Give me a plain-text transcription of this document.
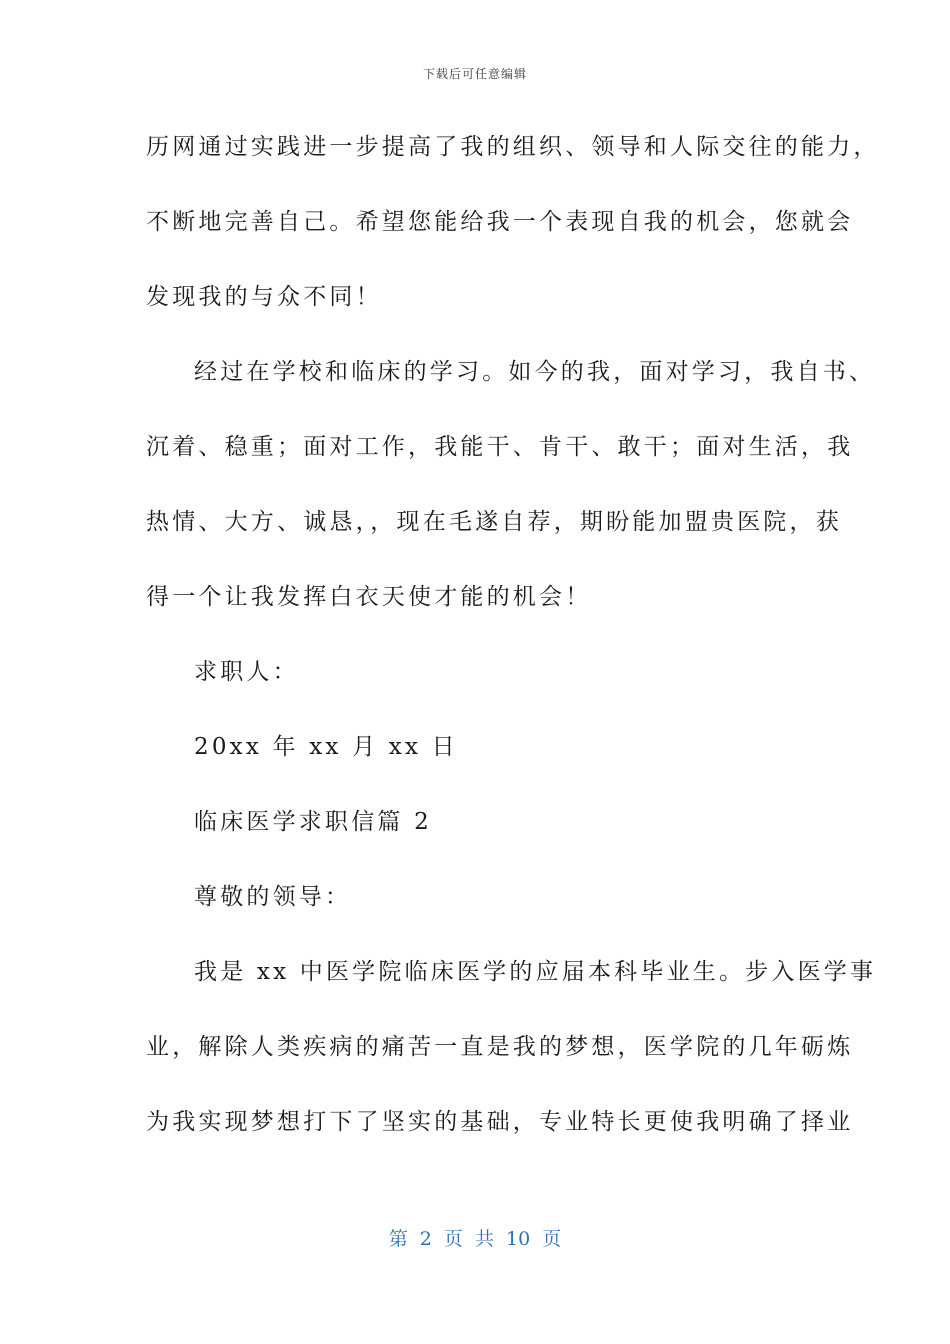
下载后可任意编辑
历网通过实践进一步提高了我的组织、领导和人际交往的能力，
不断地完善自己。希望您能给我一个表现自我的机会，您就会
发现我的与众不同！
经过在学校和临床的学习。如今的我，面对学习，我自书、
沉着、稳重；面对工作，我能干、肯干、敢干；面对生活，我
热情、大方、诚恳，，现在毛遂自荐，期盼能加盟贵医院，获
得一个让我发挥白衣天使才能的机会！
求职人：
20xx 年 xx 月 xx 日
临床医学求职信篇 2
尊敬的领导：
我是 xx 中医学院临床医学的应届本科毕业生。步入医学事
业，解除人类疾病的痛苦一直是我的梦想，医学院的几年砺炼
为我实现梦想打下了坚实的基础，专业特长更使我明确了择业
第 2 页 共 10 页
